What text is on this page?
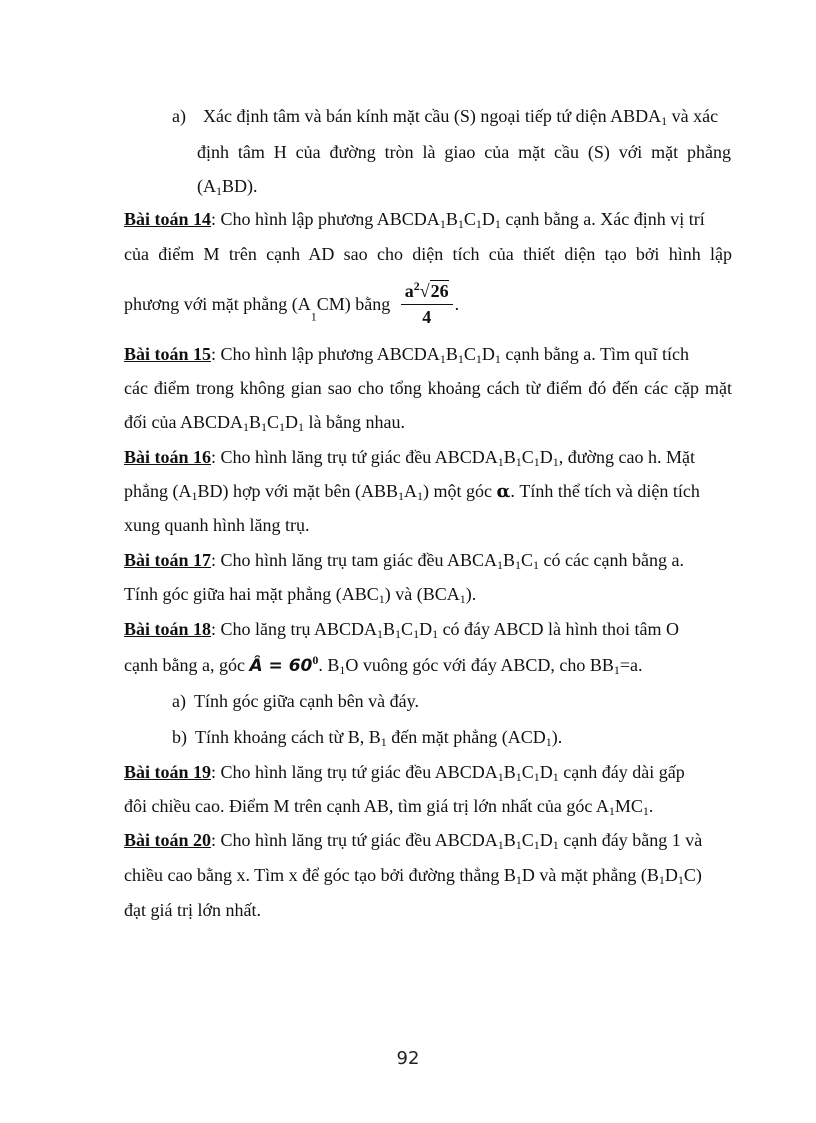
a) Xác định tâm và bán kính mặt cầu (S) ngoại tiếp tứ diện $ABDA_1$ và xác
định tâm H của đường tròn là giao của mặt cầu (S) với mặt phẳng
$(A_1BD)$.
Bài toán 14: Cho hình lập phương $ABCDA_1B_1C_1D_1$ cạnh bằng a. Xác định vị trí
của điểm M trên cạnh AD sao cho diện tích của thiết diện tạo bởi hình lập
phương với mặt phẳng $(A_1CM)$ bằng $\frac{a^2√26}{4}$ .
Bài toán 15: Cho hình lập phương $ABCDA_1B_1C_1D_1$ cạnh bằng a. Tìm quĩ tích
các điểm trong không gian sao cho tổng khoảng cách từ điểm đó đến các cặp mặt
đối của $ABCDA_1B_1C_1D_1$ là bằng nhau.
Bài toán 16: Cho hình lăng trụ tứ giác đều $ABCDA_1B_1C_1D_1$, đường cao h. Mặt
phẳng $(A_1BD)$ hợp với mặt bên $(ABB_1A_1)$ một góc α. Tính thể tích và diện tích
xung quanh hình lăng trụ.
Bài toán 17: Cho hình lăng trụ tam giác đều $ABCA_1B_1C_1$ có các cạnh bằng a.
Tính góc giữa hai mặt phẳng $(ABC_1)$ và $(BCA_1)$.
Bài toán 18: Cho lăng trụ $ABCDA_1B_1C_1D_1$ có đáy ABCD là hình thoi tâm O
cạnh bằng a, góc Â = $60^0$. $B_1O$ vuông góc với đáy ABCD, cho $BB_1=a$.
a) Tính góc giữa cạnh bên và đáy.
b) Tính khoảng cách từ B, $B_1$ đến mặt phẳng $(ACD_1)$.
Bài toán 19: Cho hình lăng trụ tứ giác đều $ABCDA_1B_1C_1D_1$ cạnh đáy dài gấp
đôi chiều cao. Điểm M trên cạnh AB, tìm giá trị lớn nhất của góc $A_1MC_1$.
Bài toán 20: Cho hình lăng trụ tứ giác đều $ABCDA_1B_1C_1D_1$ cạnh đáy bằng 1 và
chiều cao bằng x. Tìm x để góc tạo bởi đường thẳng $B_1D$ và mặt phẳng $(B_1D_1C)$
đạt giá trị lớn nhất.
92
